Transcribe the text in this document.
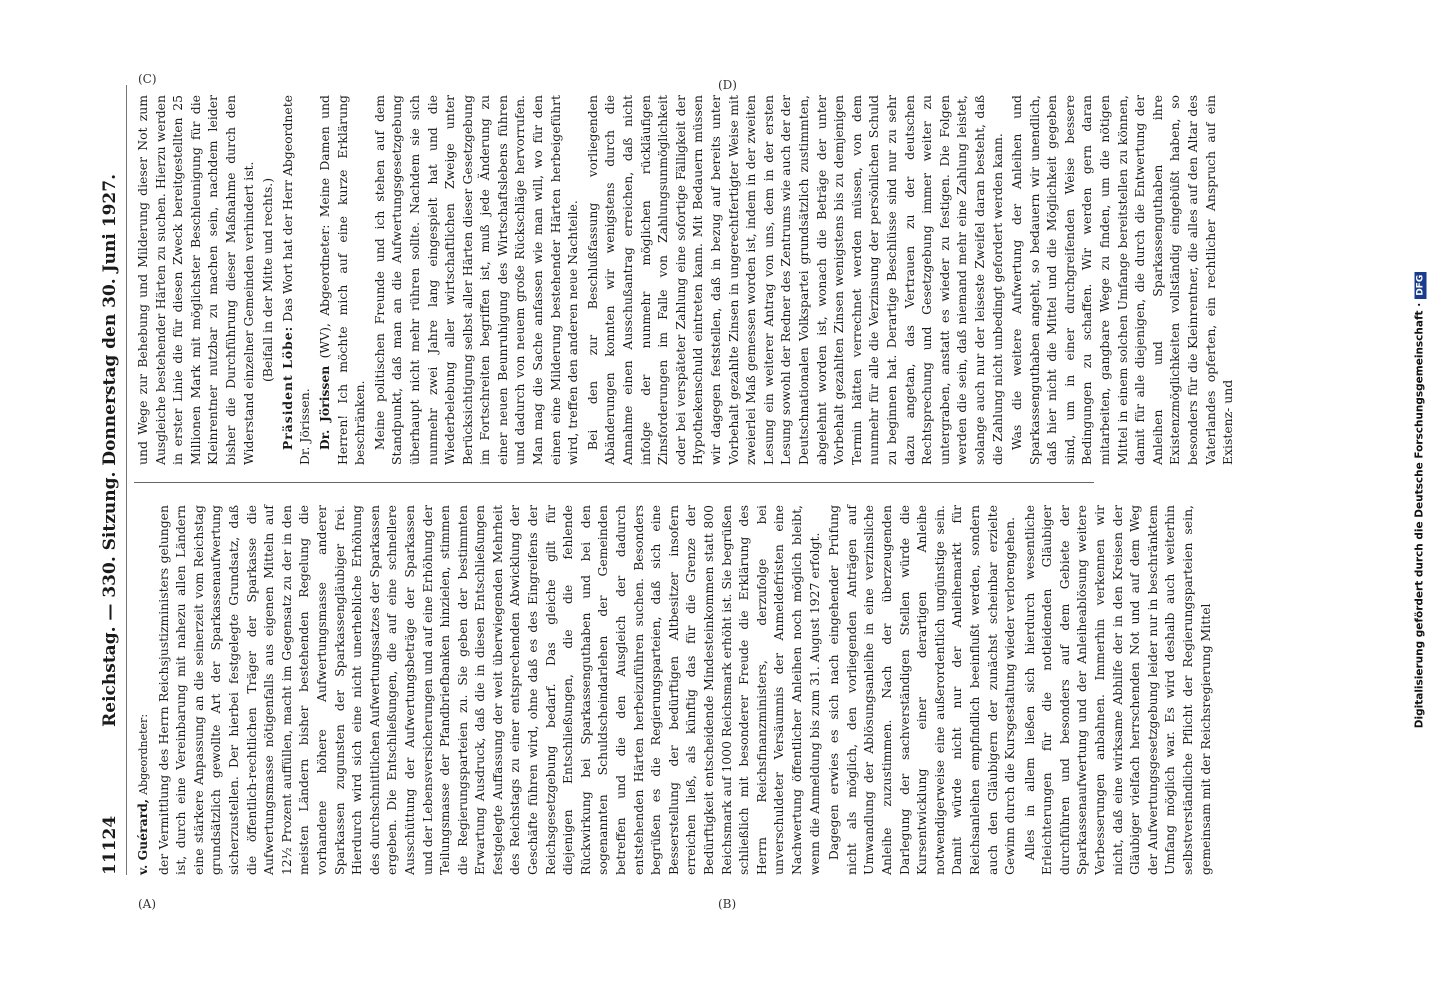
11124
Reichstag. — 330. Sitzung. Donnerstag den 30. Juni 1927.

v. Guérard, Abgeordneter: der Vermittlung des Herrn Reichsjustizministers gelungen ist, durch eine Vereinbarung mit nahezu allen Ländern eine stärkere Anpassung an die seinerzeit vom Reichstag grundsätzlich gewollte Art der Sparkassenaufwertung sicherzustellen. Der hierbei festgelegte Grundsatz, daß die öffentlich-rechtlichen Träger der Sparkasse die Aufwertungsmasse nötigenfalls aus eigenen Mitteln auf 12½ Prozent auffüllen, macht im Gegensatz zu der in den meisten Ländern bisher bestehenden Regelung die vorhandene höhere Aufwertungsmasse anderer Sparkassen zugunsten der Sparkassengläubiger frei. Hierdurch wird sich eine nicht unerhebliche Erhöhung des durchschnittlichen Aufwertungssatzes der Sparkassen ergeben. Die Entschließungen, die auf eine schnellere Ausschüttung der Aufwertungsbeträge der Sparkassen und der Lebensversicherungen und auf eine Erhöhung der Teilungsmasse der Pfandbriefbanken hinzielen, stimmen die Regierungsparteien zu. Sie geben der bestimmten Erwartung Ausdruck, daß die in diesen Entschließungen festgelegte Auffassung der weit überwiegenden Mehrheit des Reichstags zu einer entsprechenden Abwicklung der Geschäfte führen wird, ohne daß es des Eingreifens der Reichsgesetzgebung bedarf. Das gleiche gilt für diejenigen Entschließungen, die die fehlende Rückwirkung bei Sparkassenguthaben und bei den sogenannten Schuldscheindarlehen der Gemeinden betreffen und die den Ausgleich der dadurch entstehenden Härten herbeizuführen suchen. Besonders begrüßen es die Regierungsparteien, daß sich eine Besserstellung der bedürftigen Altbesitzer insofern erreichen ließ, als künftig das für die Grenze der Bedürftigkeit entscheidende Mindesteinkommen statt 800 Reichsmark auf 1000 Reichsmark erhöht ist. Sie begrüßen schließlich mit besonderer Freude die Erklärung des Herrn Reichsfinanzministers, derzufolge bei unverschuldeter Versäumnis der Anmeldefristen eine Nachwertung öffentlicher Anleihen noch möglich bleibt, wenn die Anmeldung bis zum 31. August 1927 erfolgt. Dagegen erwies es sich nach eingehender Prüfung nicht als möglich, den vorliegenden Anträgen auf Umwandlung der Ablösungsanleihe in eine verzinsliche Anleihe zuzustimmen. Nach der überzeugenden Darlegung der sachverständigen Stellen würde die Kursentwicklung einer derartigen Anleihe notwendigerweise eine außerordentlich ungünstige sein. Damit würde nicht nur der Anleihemarkt für Reichsanleihen empfindlich beeinflußt werden, sondern auch den Gläubigern der zunächst scheinbar erzielte Gewinn durch die Kursgestaltung wieder verlorengehen. Alles in allem ließen sich hierdurch wesentliche Erleichterungen für die notleidenden Gläubiger durchführen und besonders auf dem Gebiete der Sparkassenaufwertung und der Anleiheablösung weitere Verbesserungen anbahnen. Immerhin verkennen wir nicht, daß eine wirksame Abhilfe der in den Kreisen der Gläubiger vielfach herrschenden Not und auf dem Weg der Aufwertungsgesetzgebung leider nur in beschränktem Umfang möglich war. Es wird deshalb auch weiterhin selbstverständliche Pflicht der Regierungsparteien sein, gemeinsam mit der Reichsregierung Mittel

und Wege zur Behebung und Milderung dieser Not zum Ausgleiche bestehender Härten zu suchen. Hierzu werden in erster Linie die für diesen Zweck bereitgestellten 25 Millionen Mark mit möglichster Beschleunigung für die Kleinrentner nutzbar zu machen sein, nachdem leider bisher die Durchführung dieser Maßnahme durch den Widerstand einzelner Gemeinden verhindert ist. (Beifall in der Mitte und rechts.)

Präsident Löbe: Das Wort hat der Herr Abgeordnete Dr. Jörissen. Dr. Jörissen (WV), Abgeordneter: Meine Damen und Herren! Ich möchte mich auf eine kurze Erklärung beschränken. Meine politischen Freunde und ich stehen auf dem Standpunkt, daß man an die Aufwertungsgesetzgebung überhaupt nicht mehr rühren sollte. Nachdem sie sich nunmehr zwei Jahre lang eingespielt hat und die Wiederbelebung aller wirtschaftlichen Zweige unter Berücksichtigung selbst aller Härten dieser Gesetzgebung im Fortschreiten begriffen ist, muß jede Änderung zu einer neuen Beunruhigung des Wirtschaftslebens führen und dadurch von neuem große Rückschläge hervorrufen. Man mag die Sache anfassen wie man will, wo für den einen eine Milderung bestehender Härten herbeigeführt wird, treffen den anderen neue Nachteile. Bei den zur Beschlußfassung vorliegenden Abänderungen konnten wir wenigstens durch die Annahme einen Ausschußantrag erreichen, daß nicht infolge der nunmehr möglichen rückläufigen Zinsforderungen im Falle von Zahlungsunmöglichkeit oder bei verspäteter Zahlung eine sofortige Fälligkeit der Hypothekenschuld eintreten kann. Mit Bedauern müssen wir dagegen feststellen, daß in bezug auf bereits unter Vorbehalt gezahlte Zinsen in ungerechtfertigter Weise mit zweierlei Maß gemessen worden ist, indem in der zweiten Lesung ein weiterer Antrag von uns, dem in der ersten Lesung sowohl der Redner des Zentrums wie auch der der Deutschnationalen Volkspartei grundsätzlich zustimmten, abgelehnt worden ist, wonach die Beträge der unter Vorbehalt gezahlten Zinsen wenigstens bis zu demjenigen Termin hätten verrechnet werden müssen, von dem nunmehr für alle die Verzinsung der persönlichen Schuld zu beginnen hat. Derartige Beschlüsse sind nur zu sehr dazu angetan, das Vertrauen zu der deutschen Rechtsprechung und Gesetzgebung immer weiter zu untergraben, anstatt es wieder zu festigen. Die Folgen werden die sein, daß niemand mehr eine Zahlung leistet, solange auch nur der leiseste Zweifel daran besteht, daß die Zahlung nicht unbedingt gefordert werden kann. Was die weitere Aufwertung der Anleihen und Sparkassenguthaben angeht, so bedauern wir unendlich, daß hier nicht die Mittel und die Möglichkeit gegeben sind, um in einer durchgreifenden Weise bessere Bedingungen zu schaffen. Wir werden gern daran mitarbeiten, gangbare Wege zu finden, um die nötigen Mittel in einem solchen Umfange bereitstellen zu können, damit für alle diejenigen, die durch die Entwertung der Anleihen und Sparkassenguthaben ihre Existenzmöglichkeiten vollständig eingebüßt haben, so besonders für die Kleinrentner, die alles auf den Altar des Vaterlandes opferten, ein rechtlicher Anspruch auf ein Existenz- und

(A)	(B)
(C)	(D)
Digitalisierung gefördert durch die Deutsche Forschungsgemeinschaft ·DFG
